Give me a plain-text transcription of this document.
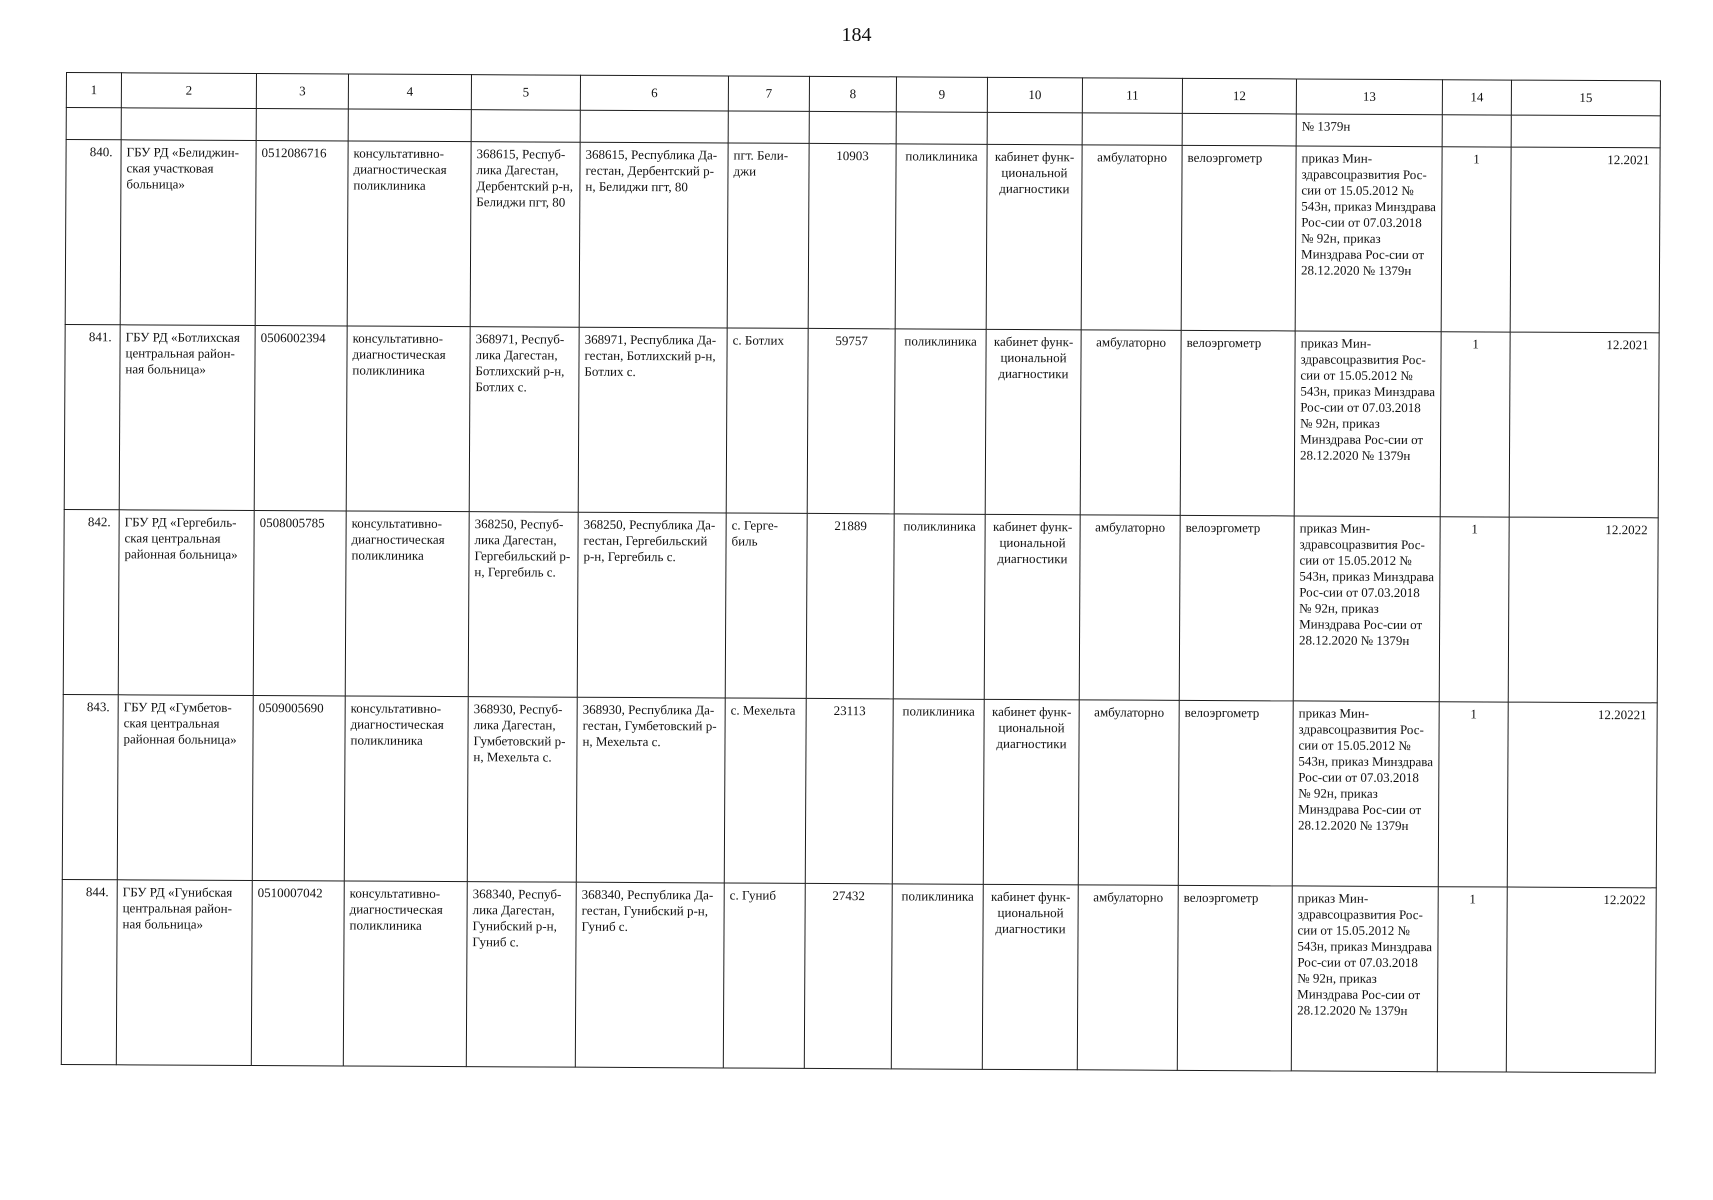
184
1	2	3	4	5	6	7	8	9	10	11	12	13	14	15
												№ 1379н		
840.	ГБУ РД «Белиджин-ская участковая больница»	0512086716	консультативно-диагностическая поликлиника	368615, Респуб-лика Дагестан, Дербентский р-н, Белиджи пгт, 80	368615, Республика Да-гестан, Дербентский р-н, Белиджи пгт, 80	пгт. Бели-джи	10903	поликлиника	кабинет функ-циональной диагностики	амбулаторно	велоэргометр	приказ Мин-здравсоцразвития Рос-сии от 15.05.2012 № 543н, приказ Минздрава Рос-сии от 07.03.2018 № 92н, приказ Минздрава Рос-сии от 28.12.2020 № 1379н	1	12.2021
841.	ГБУ РД «Ботлихская центральная район-ная больница»	0506002394	консультативно-диагностическая поликлиника	368971, Респуб-лика Дагестан, Ботлихский р-н, Ботлих с.	368971, Республика Да-гестан, Ботлихский р-н, Ботлих с.	с. Ботлих	59757	поликлиника	кабинет функ-циональной диагностики	амбулаторно	велоэргометр	приказ Мин-здравсоцразвития Рос-сии от 15.05.2012 № 543н, приказ Минздрава Рос-сии от 07.03.2018 № 92н, приказ Минздрава Рос-сии от 28.12.2020 № 1379н	1	12.2021
842.	ГБУ РД «Гергебиль-ская центральная районная больница»	0508005785	консультативно-диагностическая поликлиника	368250, Респуб-лика Дагестан, Гергебильский р-н, Гергебиль с.	368250, Республика Да-гестан, Гергебильский р-н, Гергебиль с.	с. Герге-биль	21889	поликлиника	кабинет функ-циональной диагностики	амбулаторно	велоэргометр	приказ Мин-здравсоцразвития Рос-сии от 15.05.2012 № 543н, приказ Минздрава Рос-сии от 07.03.2018 № 92н, приказ Минздрава Рос-сии от 28.12.2020 № 1379н	1	12.2022
843.	ГБУ РД «Гумбетов-ская центральная районная больница»	0509005690	консультативно-диагностическая поликлиника	368930, Респуб-лика Дагестан, Гумбетовский р-н, Мехельта с.	368930, Республика Да-гестан, Гумбетовский р-н, Мехельта с.	с. Мехельта	23113	поликлиника	кабинет функ-циональной диагностики	амбулаторно	велоэргометр	приказ Мин-здравсоцразвития Рос-сии от 15.05.2012 № 543н, приказ Минздрава Рос-сии от 07.03.2018 № 92н, приказ Минздрава Рос-сии от 28.12.2020 № 1379н	1	12.20221
844.	ГБУ РД «Гунибская центральная район-ная больница»	0510007042	консультативно-диагностическая поликлиника	368340, Респуб-лика Дагестан, Гунибский р-н, Гуниб с.	368340, Республика Да-гестан, Гунибский р-н, Гуниб с.	с. Гуниб	27432	поликлиника	кабинет функ-циональной диагностики	амбулаторно	велоэргометр	приказ Мин-здравсоцразвития Рос-сии от 15.05.2012 № 543н, приказ Минздрава Рос-сии от 07.03.2018 № 92н, приказ Минздрава Рос-сии от 28.12.2020 № 1379н	1	12.2022
